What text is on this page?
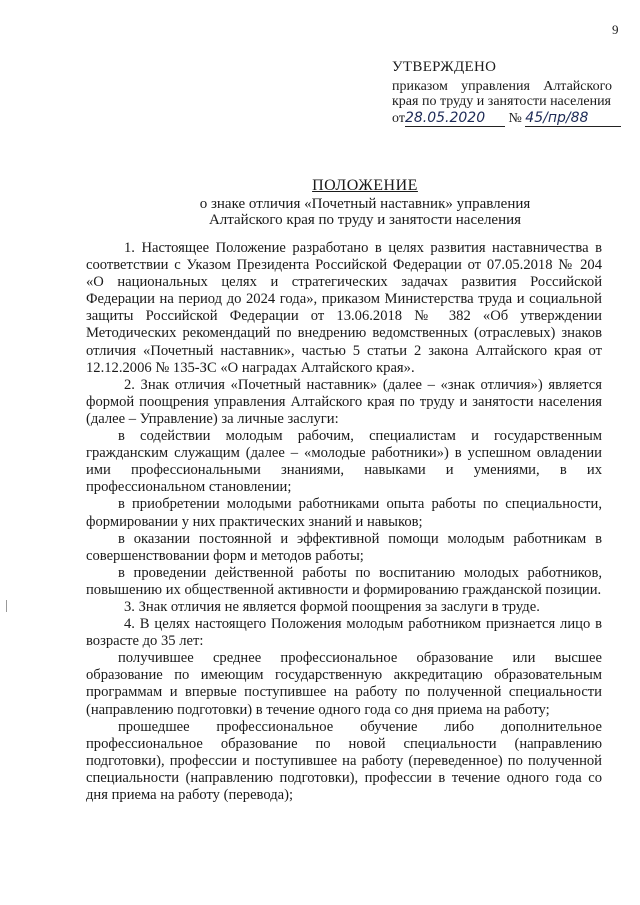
9
УТВЕРЖДЕНО
приказом управления Алтайского края по труду и занятости населения
от28.05.2020 № 45/пр/88
ПОЛОЖЕНИЕ
о знаке отличия «Почетный наставник» управления
Алтайского края по труду и занятости населения

1. Настоящее Положение разработано в целях развития наставничества в соответствии с Указом Президента Российской Федерации от 07.05.2018 № 204 «О национальных целях и стратегических задачах развития Российской Федерации на период до 2024 года», приказом Министерства труда и социальной защиты Российской Федерации от 13.06.2018 № 382 «Об утверждении Методических рекомендаций по внедрению ведомственных (отраслевых) знаков отличия «Почетный наставник», частью 5 статьи 2 закона Алтайского края от 12.12.2006 № 135-ЗС «О наградах Алтайского края».

2. Знак отличия «Почетный наставник» (далее – «знак отличия») является формой поощрения управления Алтайского края по труду и занятости населения (далее – Управление) за личные заслуги:

в содействии молодым рабочим, специалистам и государственным гражданским служащим (далее – «молодые работники») в успешном овладении ими профессиональными знаниями, навыками и умениями, в их профессиональном становлении;

в приобретении молодыми работниками опыта работы по специальности, формировании у них практических знаний и навыков;

в оказании постоянной и эффективной помощи молодым работникам в совершенствовании форм и методов работы;

в проведении действенной работы по воспитанию молодых работников, повышению их общественной активности и формированию гражданской позиции.

3. Знак отличия не является формой поощрения за заслуги в труде.

4. В целях настоящего Положения молодым работником признается лицо в возрасте до 35 лет:

получившее среднее профессиональное образование или высшее образование по имеющим государственную аккредитацию образовательным программам и впервые поступившее на работу по полученной специальности (направлению подготовки) в течение одного года со дня приема на работу;

прошедшее профессиональное обучение либо дополнительное профессиональное образование по новой специальности (направлению подготовки), профессии и поступившее на работу (переведенное) по полученной специальности (направлению подготовки), профессии в течение одного года со дня приема на работу (перевода);
